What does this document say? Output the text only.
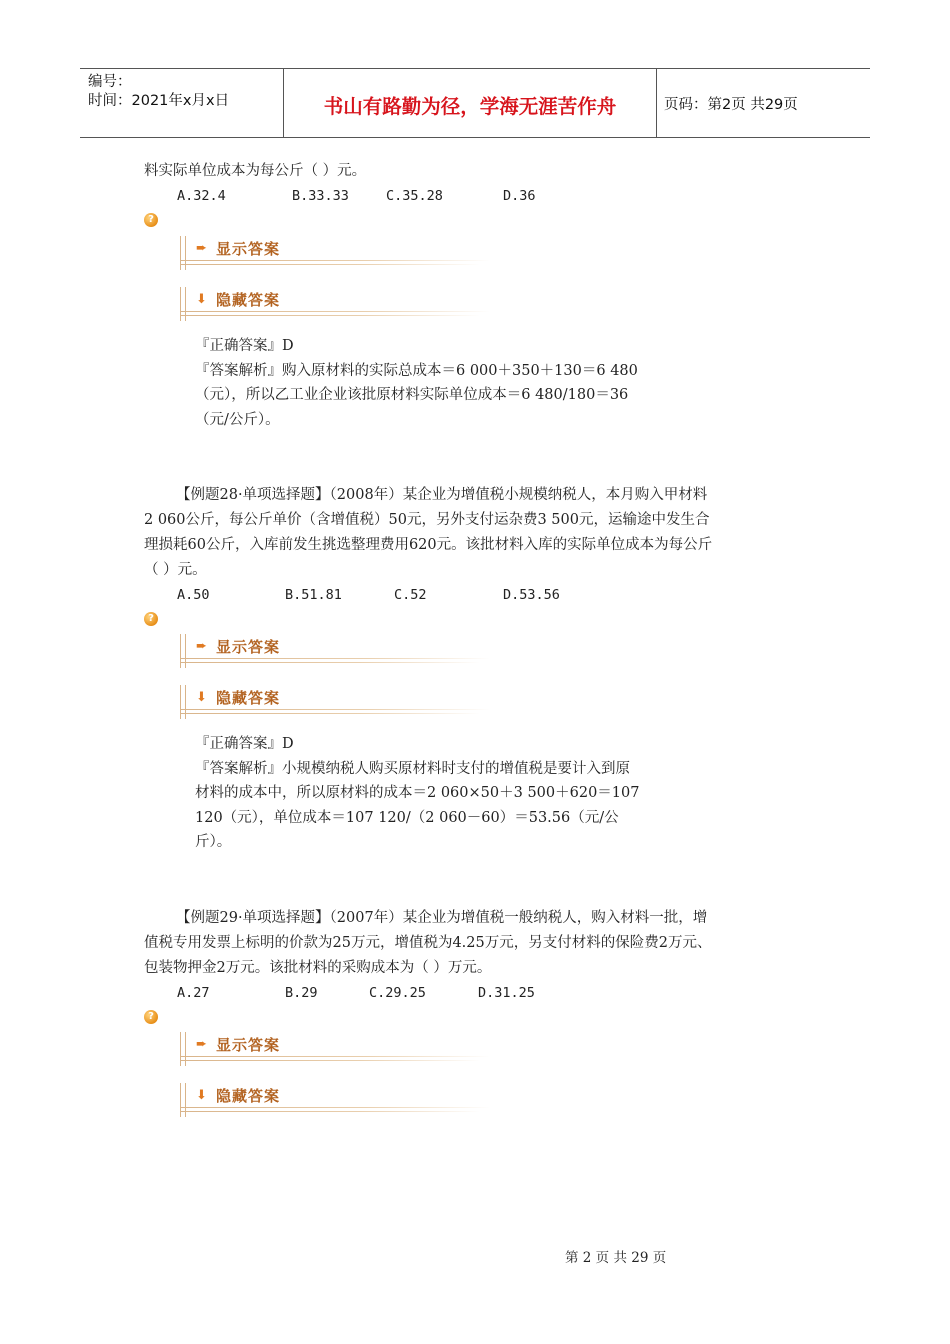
编号：
时间：2021年x月x日	书山有路勤为径，学海无涯苦作舟	页码：第2页 共29页
料实际单位成本为每公斤（ ）元。
A.32.4	B.33.33	C.35.28	D.36
?
➨ 显示答案
⬇ 隐藏答案
『正确答案』D
『答案解析』购入原材料的实际总成本＝6 000＋350＋130＝6 480
（元），所以乙工业企业该批原材料实际单位成本＝6 480/180＝36
（元/公斤）。
【例题28·单项选择题】（2008年）某企业为增值税小规模纳税人，本月购入甲材料
2 060公斤，每公斤单价（含增值税）50元，另外支付运杂费3 500元，运输途中发生合
理损耗60公斤，入库前发生挑选整理费用620元。该批材料入库的实际单位成本为每公斤
（ ）元。
A.50	B.51.81	C.52	D.53.56
?
➨ 显示答案
⬇ 隐藏答案
『正确答案』D
『答案解析』小规模纳税人购买原材料时支付的增值税是要计入到原
材料的成本中，所以原材料的成本＝2 060×50＋3 500＋620＝107
120（元），单位成本＝107 120/（2 060－60）＝53.56（元/公
斤）。
【例题29·单项选择题】（2007年）某企业为增值税一般纳税人，购入材料一批，增
值税专用发票上标明的价款为25万元，增值税为4.25万元，另支付材料的保险费2万元、
包装物押金2万元。该批材料的采购成本为（ ）万元。
A.27	B.29	C.29.25	D.31.25
?
➨ 显示答案
⬇ 隐藏答案
第 2 页 共 29 页
